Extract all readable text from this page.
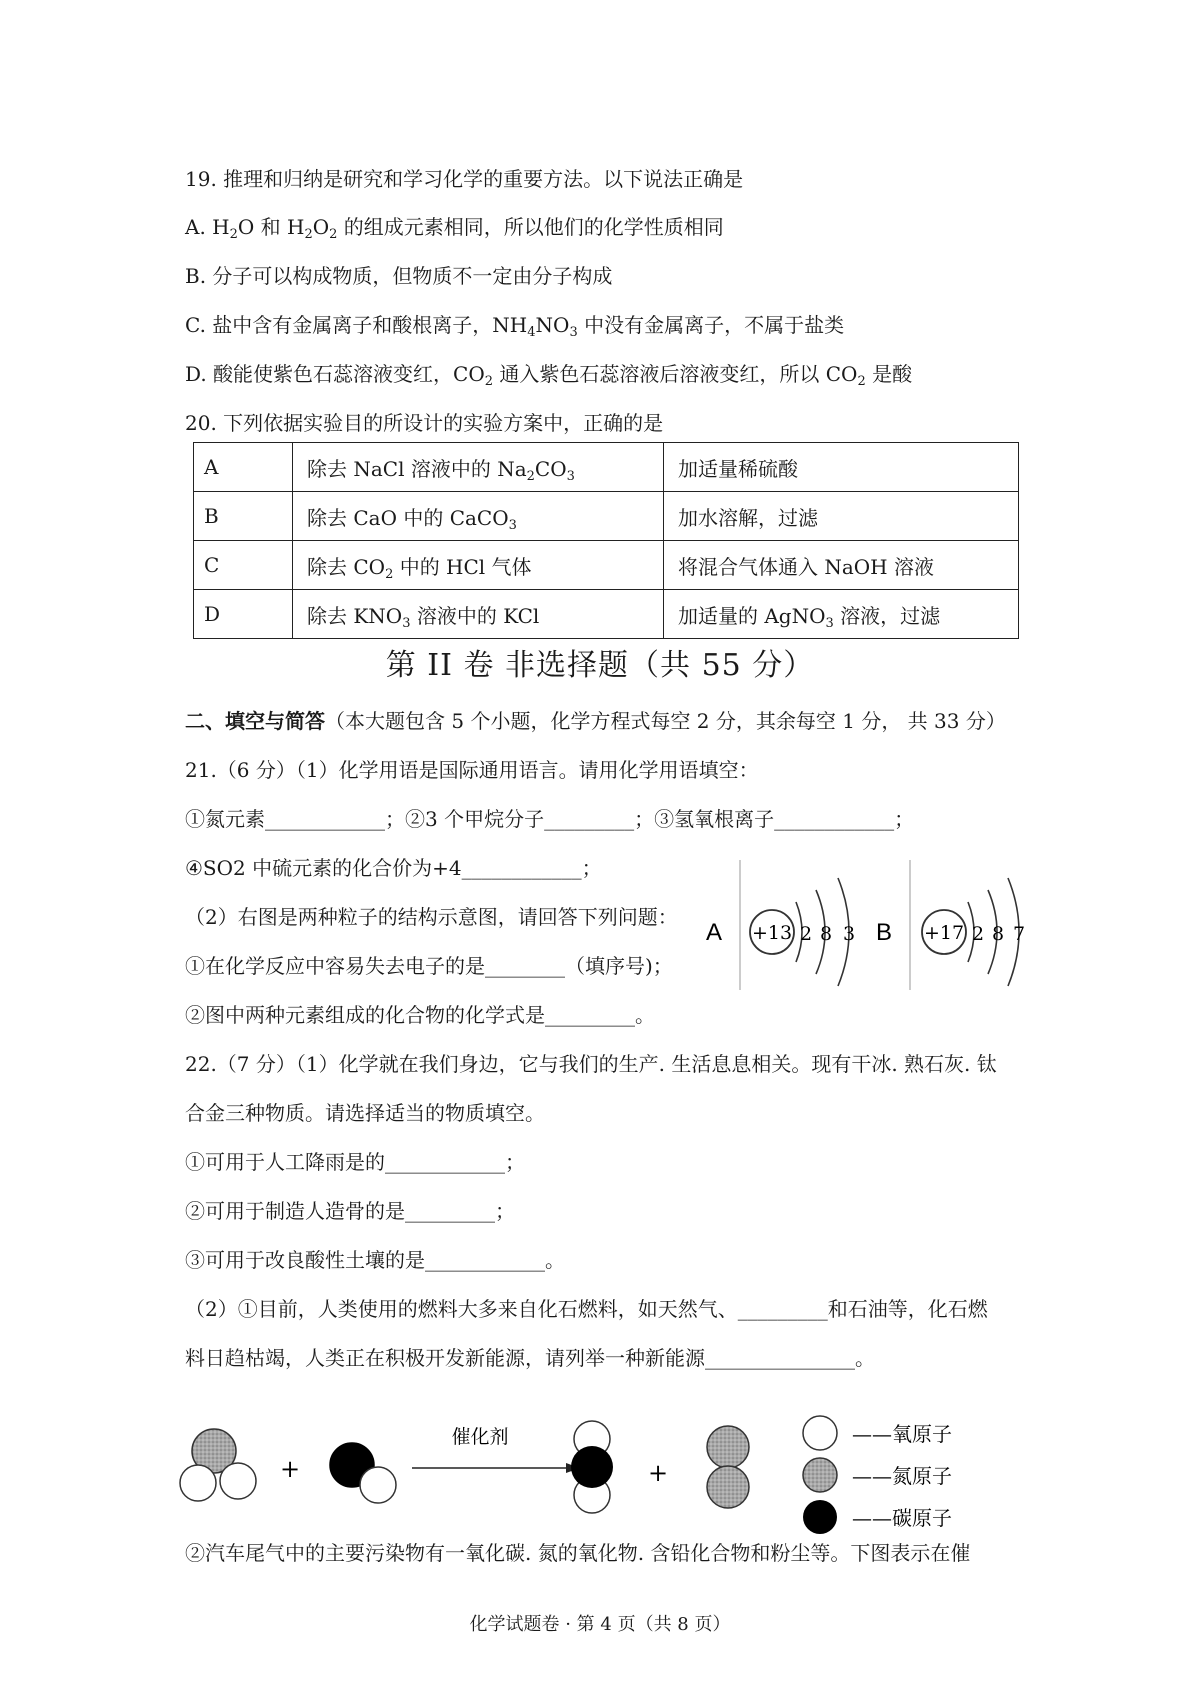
19. 推理和归纳是研究和学习化学的重要方法。以下说法正确是
A. $H_2O$ 和 $H_2O_2$ 的组成元素相同，所以他们的化学性质相同
B. 分子可以构成物质，但物质不一定由分子构成
C. 盐中含有金属离子和酸根离子，$NH_4NO_3$ 中没有金属离子，不属于盐类
D. 酸能使紫色石蕊溶液变红，$CO_2$ 通入紫色石蕊溶液后溶液变红，所以 $CO_2$ 是酸
20. 下列依据实验目的所设计的实验方案中，正确的是
A	除去 NaCl 溶液中的 $Na_2CO_3$	加适量稀硫酸
B	除去 CaO 中的 CaCO$_3$	加水溶解，过滤
C	除去 $CO_2$ 中的 HCl 气体	将混合气体通入 NaOH 溶液
D	除去 $KNO_3$ 溶液中的 KCl	加适量的 AgNO$_3$ 溶液，过滤
第 II 卷 非选择题（共 55 分）
二、填空与简答（本大题包含 5 个小题，化学方程式每空 2 分，其余每空 1 分， 共 33 分）
21.（6 分）（1）化学用语是国际通用语言。请用化学用语填空：
①氮元素____________；②3 个甲烷分子_________；③氢氧根离子____________；
④SO2 中硫元素的化合价为+4____________；
（2）右图是两种粒子的结构示意图，请回答下列问题：
①在化学反应中容易失去电子的是________（填序号)；
②图中两种元素组成的化合物的化学式是_________。
A +13 2 8 3 B +17 2 8 7
22.（7 分）（1）化学就在我们身边，它与我们的生产. 生活息息相关。现有干冰. 熟石灰. 钛
合金三种物质。请选择适当的物质填空。
①可用于人工降雨是的____________；
②可用于制造人造骨的是_________；
③可用于改良酸性土壤的是____________。
（2）①目前，人类使用的燃料大多来自化石燃料，如天然气、_________和石油等，化石燃
料日趋枯竭，人类正在积极开发新能源，请列举一种新能源_______________。
+
催化剂
+
——氧原子
——氮原子
——碳原子
②汽车尾气中的主要污染物有一氧化碳. 氮的氧化物. 含铅化合物和粉尘等。下图表示在催
化学试题卷 · 第 4 页（共 8 页）
